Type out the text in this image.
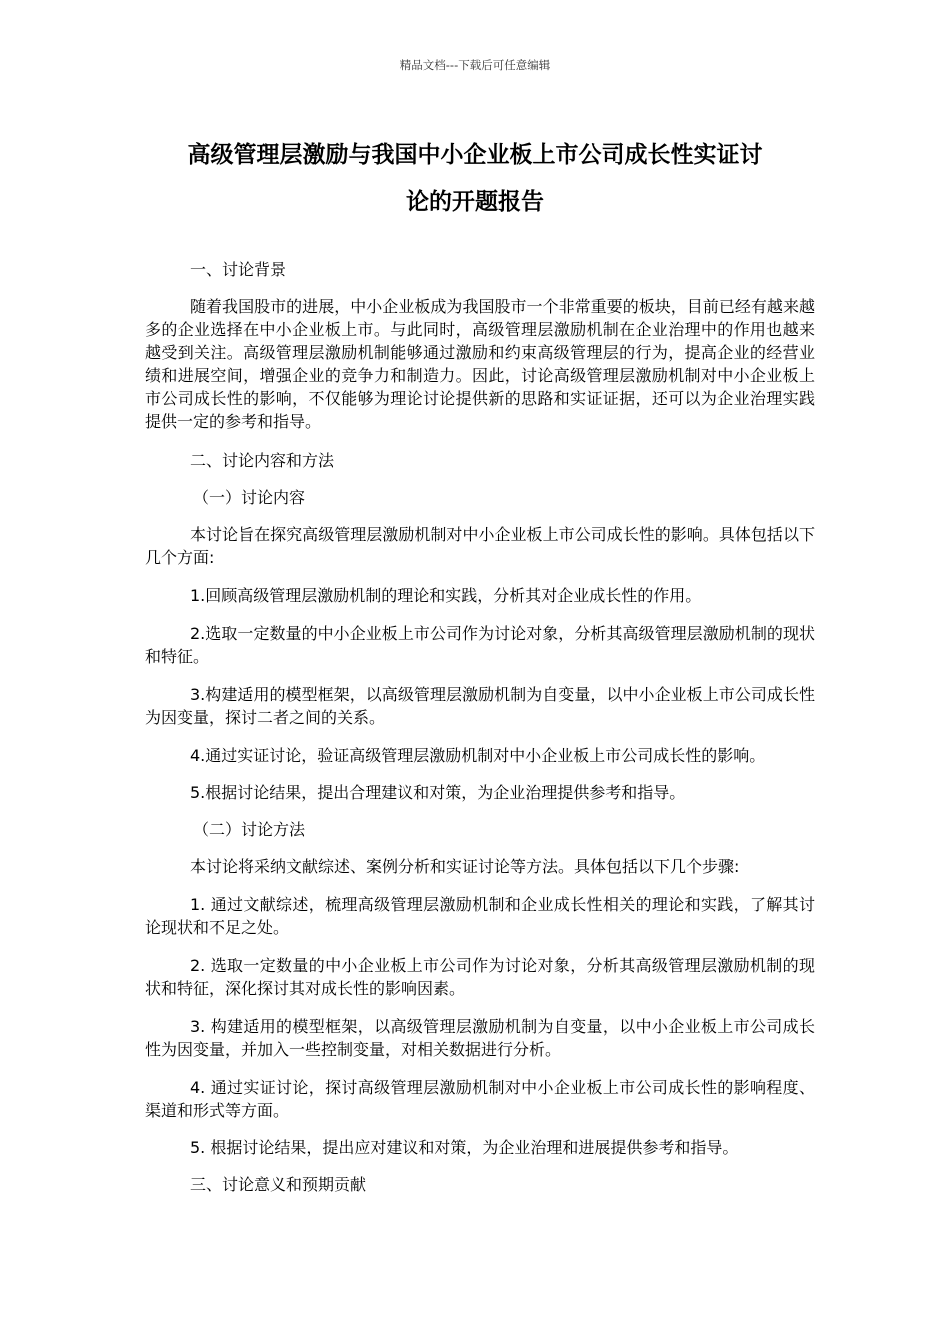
精品文档---下载后可任意编辑
高级管理层激励与我国中小企业板上市公司成长性实证讨
论的开题报告

一、讨论背景

随着我国股市的进展，中小企业板成为我国股市一个非常重要的板块，目前已经有越来越多的企业选择在中小企业板上市。与此同时，高级管理层激励机制在企业治理中的作用也越来越受到关注。高级管理层激励机制能够通过激励和约束高级管理层的行为，提高企业的经营业绩和进展空间，增强企业的竞争力和制造力。因此，讨论高级管理层激励机制对中小企业板上市公司成长性的影响，不仅能够为理论讨论提供新的思路和实证证据，还可以为企业治理实践提供一定的参考和指导。

二、讨论内容和方法

（一）讨论内容

本讨论旨在探究高级管理层激励机制对中小企业板上市公司成长性的影响。具体包括以下几个方面:

1.回顾高级管理层激励机制的理论和实践，分析其对企业成长性的作用。

2.选取一定数量的中小企业板上市公司作为讨论对象，分析其高级管理层激励机制的现状和特征。

3.构建适用的模型框架，以高级管理层激励机制为自变量，以中小企业板上市公司成长性为因变量，探讨二者之间的关系。

4.通过实证讨论，验证高级管理层激励机制对中小企业板上市公司成长性的影响。

5.根据讨论结果，提出合理建议和对策，为企业治理提供参考和指导。

（二）讨论方法

本讨论将采纳文献综述、案例分析和实证讨论等方法。具体包括以下几个步骤:

1. 通过文献综述，梳理高级管理层激励机制和企业成长性相关的理论和实践，了解其讨论现状和不足之处。

2. 选取一定数量的中小企业板上市公司作为讨论对象，分析其高级管理层激励机制的现状和特征，深化探讨其对成长性的影响因素。

3. 构建适用的模型框架，以高级管理层激励机制为自变量，以中小企业板上市公司成长性为因变量，并加入一些控制变量，对相关数据进行分析。

4. 通过实证讨论，探讨高级管理层激励机制对中小企业板上市公司成长性的影响程度、渠道和形式等方面。

5. 根据讨论结果，提出应对建议和对策，为企业治理和进展提供参考和指导。

三、讨论意义和预期贡献
